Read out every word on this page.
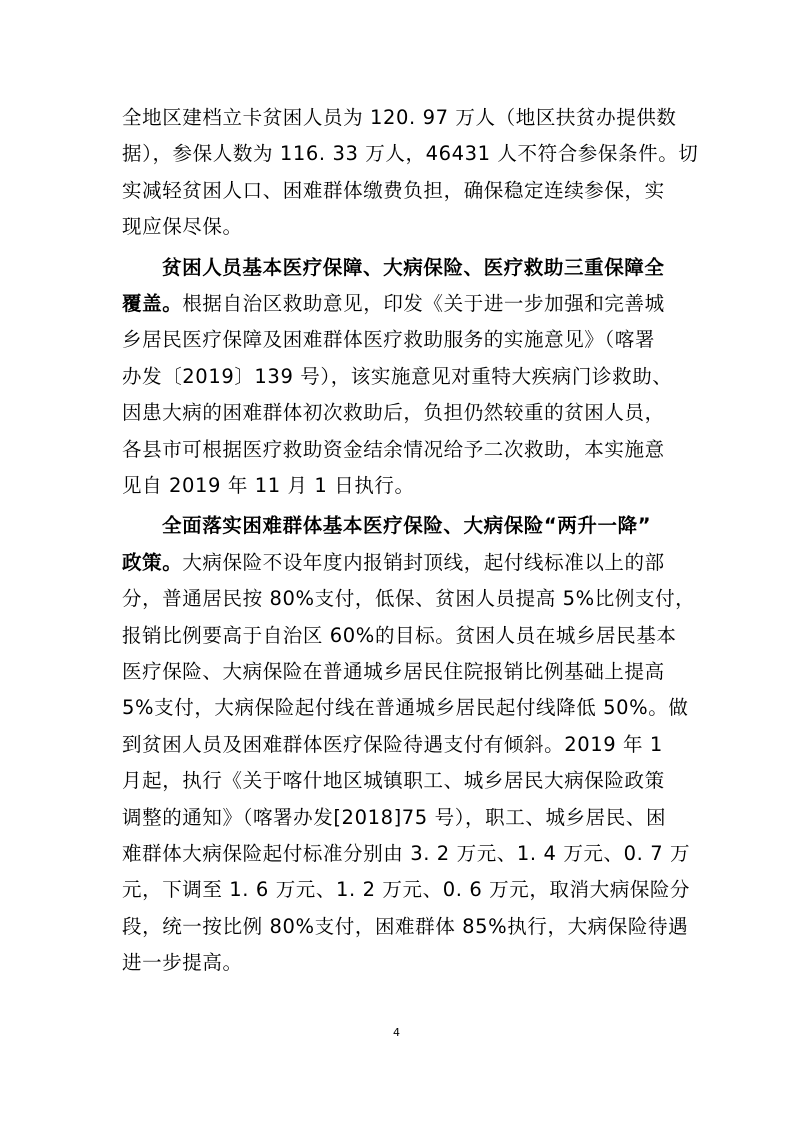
全地区建档立卡贫困人员为 120. 97 万人（地区扶贫办提供数
据），参保人数为 116. 33 万人，46431 人不符合参保条件。切
实减轻贫困人口、困难群体缴费负担，确保稳定连续参保，实
现应保尽保。
贫困人员基本医疗保障、大病保险、医疗救助三重保障全
覆盖。根据自治区救助意见，印发《关于进一步加强和完善城
乡居民医疗保障及困难群体医疗救助服务的实施意见》（喀署
办发〔2019〕139 号），该实施意见对重特大疾病门诊救助、
因患大病的困难群体初次救助后，负担仍然较重的贫困人员，
各县市可根据医疗救助资金结余情况给予二次救助，本实施意
见自 2019 年 11 月 1 日执行。
全面落实困难群体基本医疗保险、大病保险“两升一降”
政策。大病保险不设年度内报销封顶线，起付线标准以上的部
分，普通居民按 80%支付，低保、贫困人员提高 5%比例支付，
报销比例要高于自治区 60%的目标。贫困人员在城乡居民基本
医疗保险、大病保险在普通城乡居民住院报销比例基础上提高
5%支付，大病保险起付线在普通城乡居民起付线降低 50%。做
到贫困人员及困难群体医疗保险待遇支付有倾斜。2019 年 1
月起，执行《关于喀什地区城镇职工、城乡居民大病保险政策
调整的通知》（喀署办发[2018]75 号），职工、城乡居民、困
难群体大病保险起付标准分别由 3. 2 万元、1. 4 万元、0. 7 万
元，下调至 1. 6 万元、1. 2 万元、0. 6 万元，取消大病保险分
段，统一按比例 80%支付，困难群体 85%执行，大病保险待遇
进一步提高。
4
